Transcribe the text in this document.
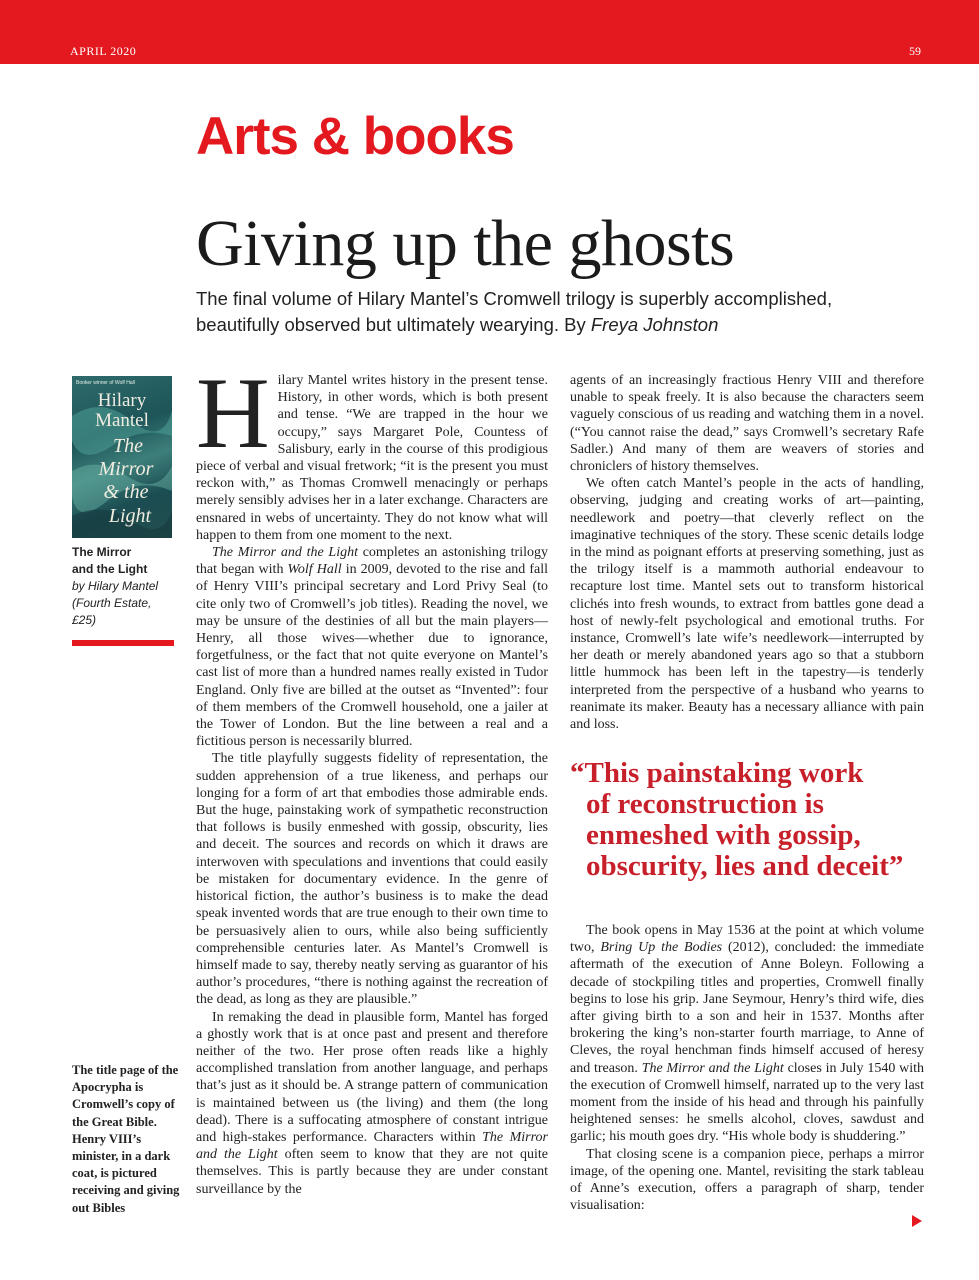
APRIL 2020	59
Arts & books
Giving up the ghosts

The final volume of Hilary Mantel’s Cromwell trilogy is superbly accomplished, beautifully observed but ultimately wearying. By Freya Johnston

Booker winner of Wolf Hall
Hilary
Mantel
The
Mirror
& the
Light
The Mirror
and the Light
by Hilary Mantel
(Fourth Estate,
£25)
The title page of the Apocrypha is Cromwell’s copy of the Great Bible. Henry VIII’s minister, in a dark coat, is pictured receiving and giving out Bibles

Hilary Mantel writes history in the present tense. History, in other words, which is both present and tense. “We are trapped in the hour we occupy,” says Margaret Pole, Countess of Salisbury, early in the course of this prodigious piece of verbal and visual fretwork; “it is the present you must reckon with,” as Thomas Cromwell menacingly or perhaps merely sensibly advises her in a later exchange. Characters are ensnared in webs of uncertainty. They do not know what will happen to them from one moment to the next.

The Mirror and the Light completes an astonishing trilogy that began with Wolf Hall in 2009, devoted to the rise and fall of Henry VIII’s principal secretary and Lord Privy Seal (to cite only two of Cromwell’s job titles). Reading the novel, we may be unsure of the destinies of all but the main players—Henry, all those wives—whether due to ignorance, forgetfulness, or the fact that not quite everyone on Mantel’s cast list of more than a hundred names really existed in Tudor England. Only five are billed at the outset as “Invented”: four of them members of the Cromwell household, one a jailer at the Tower of London. But the line between a real and a fictitious person is necessarily blurred.

The title playfully suggests fidelity of representation, the sudden apprehension of a true likeness, and perhaps our longing for a form of art that embodies those admirable ends. But the huge, painstaking work of sympathetic reconstruction that follows is busily enmeshed with gossip, obscurity, lies and deceit. The sources and records on which it draws are interwoven with speculations and inventions that could easily be mistaken for documentary evidence. In the genre of historical fiction, the author’s business is to make the dead speak invented words that are true enough to their own time to be persuasively alien to ours, while also being sufficiently comprehensible centuries later. As Mantel’s Cromwell is himself made to say, thereby neatly serving as guarantor of his author’s procedures, “there is nothing against the recreation of the dead, as long as they are plausible.”

In remaking the dead in plausible form, Mantel has forged a ghostly work that is at once past and present and therefore neither of the two. Her prose often reads like a highly accomplished translation from another language, and perhaps that’s just as it should be. A strange pattern of communication is maintained between us (the living) and them (the long dead). There is a suffocating atmosphere of constant intrigue and high-stakes performance. Characters within The Mirror and the Light often seem to know that they are not quite themselves. This is partly because they are under constant surveillance by the

agents of an increasingly fractious Henry VIII and therefore unable to speak freely. It is also because the characters seem vaguely conscious of us reading and watching them in a novel. (“You cannot raise the dead,” says Cromwell’s secretary Rafe Sadler.) And many of them are weavers of stories and chroniclers of history themselves.

We often catch Mantel’s people in the acts of handling, observing, judging and creating works of art—painting, needlework and poetry—that cleverly reflect on the imaginative techniques of the story. These scenic details lodge in the mind as poignant efforts at preserving something, just as the trilogy itself is a mammoth authorial endeavour to recapture lost time. Mantel sets out to transform historical clichés into fresh wounds, to extract from battles gone dead a host of newly-felt psychological and emotional truths. For instance, Cromwell’s late wife’s needlework—interrupted by her death or merely abandoned years ago so that a stubborn little hummock has been left in the tapestry—is tenderly interpreted from the perspective of a husband who yearns to reanimate its maker. Beauty has a necessary alliance with pain and loss.

“This painstaking work
of reconstruction is
enmeshed with gossip,
obscurity, lies and deceit”

The book opens in May 1536 at the point at which volume two, Bring Up the Bodies (2012), concluded: the immediate aftermath of the execution of Anne Boleyn. Following a decade of stockpiling titles and properties, Cromwell finally begins to lose his grip. Jane Seymour, Henry’s third wife, dies after giving birth to a son and heir in 1537. Months after brokering the king’s non-starter fourth marriage, to Anne of Cleves, the royal henchman finds himself accused of heresy and treason. The Mirror and the Light closes in July 1540 with the execution of Cromwell himself, narrated up to the very last moment from the inside of his head and through his painfully heightened senses: he smells alcohol, cloves, sawdust and garlic; his mouth goes dry. “His whole body is shuddering.”

That closing scene is a companion piece, perhaps a mirror image, of the opening one. Mantel, revisiting the stark tableau of Anne’s execution, offers a paragraph of sharp, tender visualisation:
